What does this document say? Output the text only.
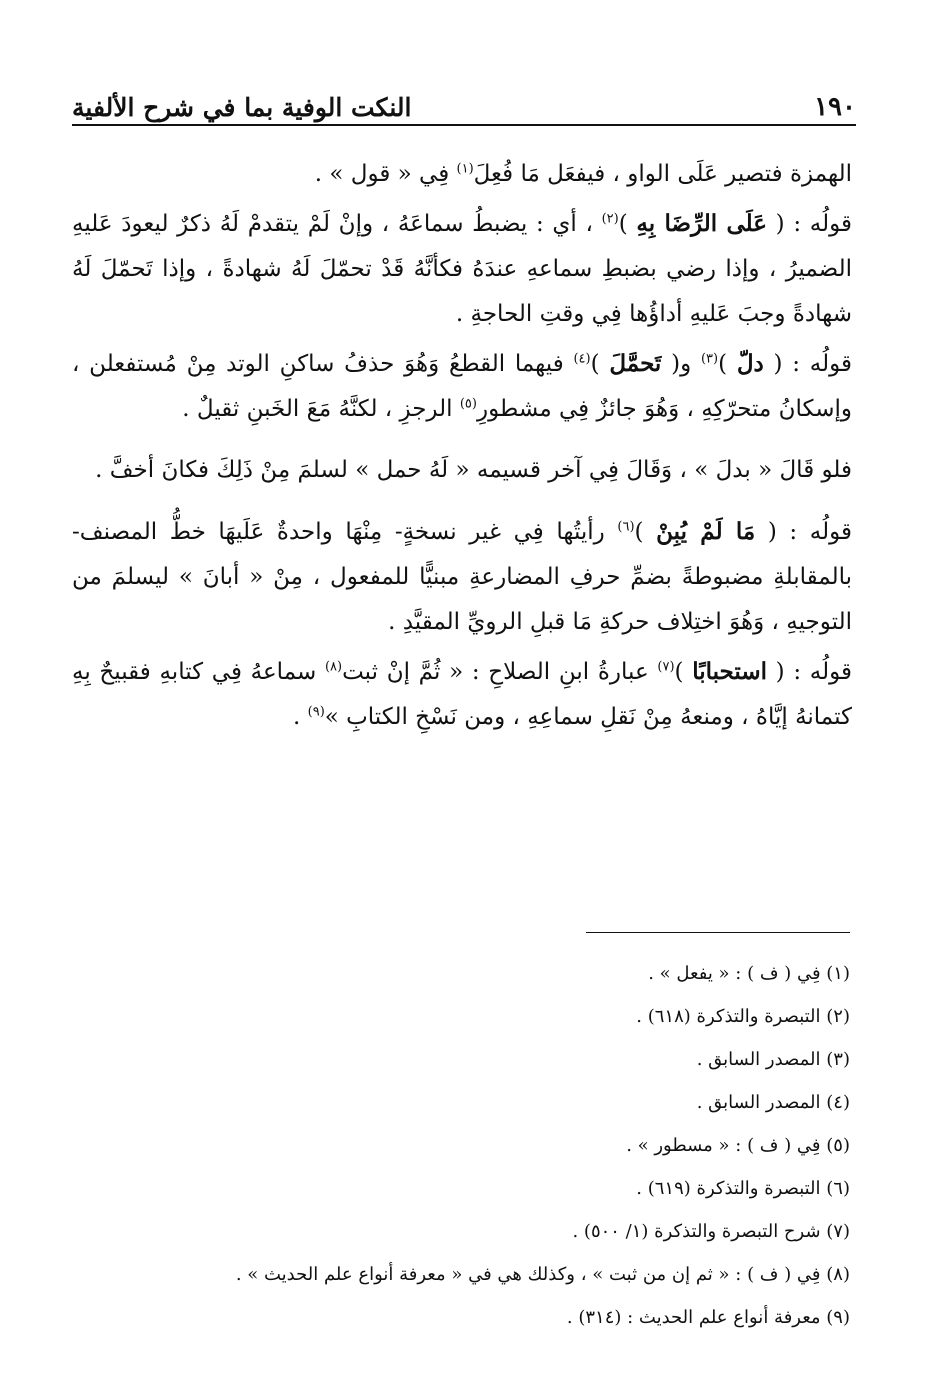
١٩٠
النكت الوفية بما في شرح الألفية

الهمزة فتصير عَلَى الواو ، فيفعَل مَا فُعِلَ$^{(١)}$ فِي « قول » .

قولُه : ( عَلَى الرِّضَا بِهِ )$^{(٢)}$ ، أي : يضبطُ سماعَهُ ، وإنْ لَمْ يتقدمْ لَهُ ذكرٌ ليعودَ عَليهِ الضميرُ ، وإذا رضي بضبطِ سماعهِ عندَهُ فكأنَّهُ قَدْ تحمّلَ لَهُ شهادةً ، وإذا تَحمّلَ لَهُ شهادةً وجبَ عَليهِ أداؤُها فِي وقتِ الحاجةِ .

قولُه : ( دلّ )$^{(٣)}$ و( تَحمَّلَ )$^{(٤)}$ فيهما القطعُ وَهُوَ حذفُ ساكنِ الوتد مِنْ مُستفعلن ، وإسكانُ متحرّكِهِ ، وَهُوَ جائزٌ فِي مشطورِ$^{(٥)}$ الرجزِ ، لكنَّهُ مَعَ الخَبنِ ثقيلٌ .

فلو قَالَ « بدلَ » ، وَقَالَ فِي آخر قسيمه « لَهُ حمل » لسلمَ مِنْ ذَلِكَ فكانَ أخفَّ .

قولُه : ( مَا لَمْ يُبِنْ )$^{(٦)}$ رأيتُها فِي غير نسخةٍ- مِنْهَا واحدةٌ عَلَيهَا خطُّ المصنف- بالمقابلةِ مضبوطةً بضمِّ حرفِ المضارعةِ مبنيًّا للمفعول ، مِنْ « أبانَ » ليسلمَ من التوجيهِ ، وَهُوَ اختِلاف حركةِ مَا قبلِ الرويِّ المقيَّدِ .

قولُه : ( استحبابًا )$^{(٧)}$ عبارةُ ابنِ الصلاحِ : « ثُمَّ إنْ ثبت$^{(٨)}$ سماعهُ فِي كتابهِ فقبيحٌ بِهِ كتمانهُ إيَّاهُ ، ومنعهُ مِنْ نَقلِ سماعِهِ ، ومن نَسْخِ الكتابِ »$^{(٩)}$ .

(١) فِي ( ف ) : « يفعل » .
(٢) التبصرة والتذكرة (٦١٨) .
(٣) المصدر السابق .
(٤) المصدر السابق .
(٥) فِي ( ف ) : « مسطور » .
(٦) التبصرة والتذكرة (٦١٩) .
(٧) شرح التبصرة والتذكرة (١/ ٥٠٠) .
(٨) فِي ( ف ) : « ثم إن من ثبت » ، وكذلك هي في « معرفة أنواع علم الحديث » .
(٩) معرفة أنواع علم الحديث : (٣١٤) .
